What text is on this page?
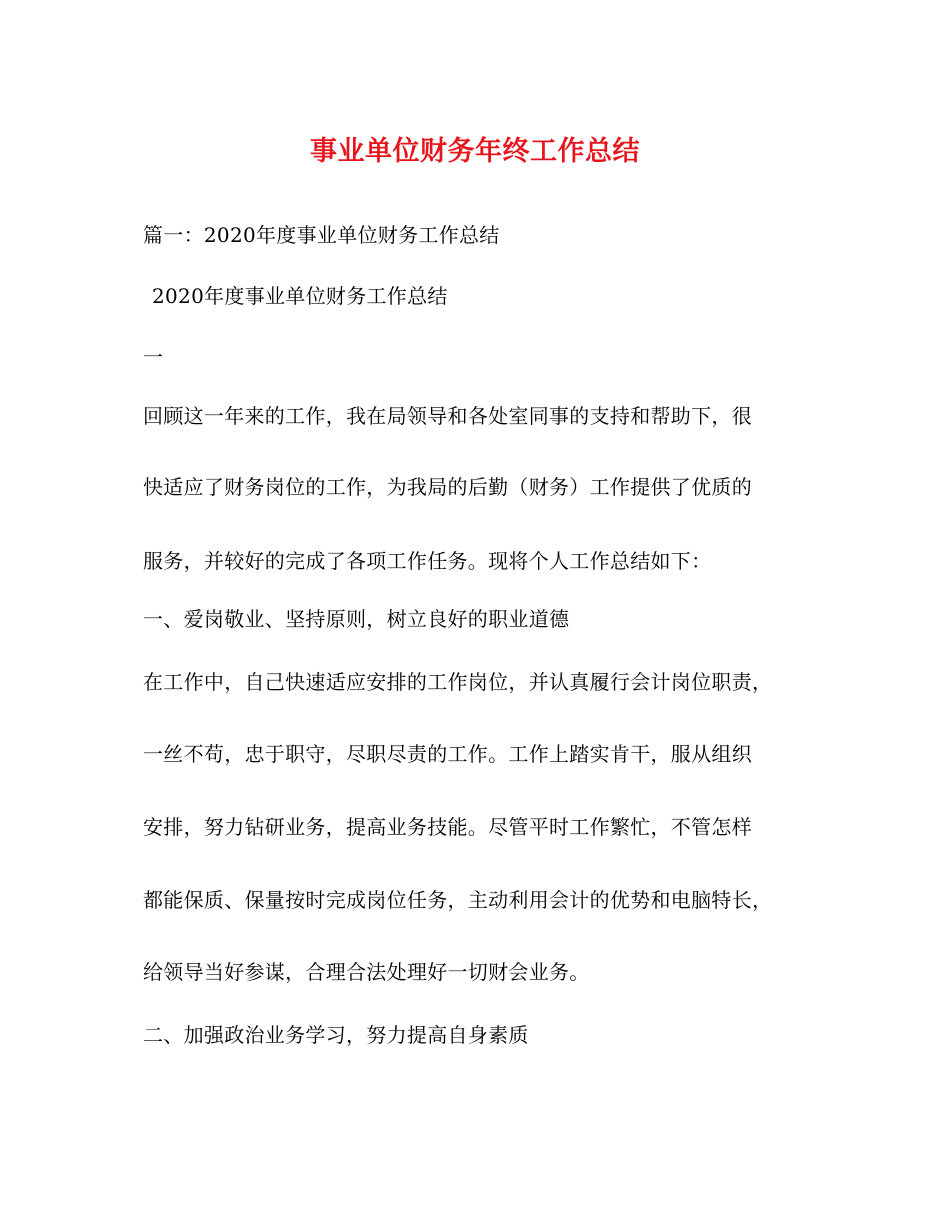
事业单位财务年终工作总结
篇一：2020年度事业单位财务工作总结
2020年度事业单位财务工作总结
一
回顾这一年来的工作，我在局领导和各处室同事的支持和帮助下，很
快适应了财务岗位的工作，为我局的后勤（财务）工作提供了优质的
服务，并较好的完成了各项工作任务。现将个人工作总结如下：
一、爱岗敬业、坚持原则，树立良好的职业道德
在工作中，自己快速适应安排的工作岗位，并认真履行会计岗位职责，
一丝不苟，忠于职守，尽职尽责的工作。工作上踏实肯干，服从组织
安排，努力钻研业务，提高业务技能。尽管平时工作繁忙，不管怎样
都能保质、保量按时完成岗位任务，主动利用会计的优势和电脑特长，
给领导当好参谋，合理合法处理好一切财会业务。
二、加强政治业务学习，努力提高自身素质
